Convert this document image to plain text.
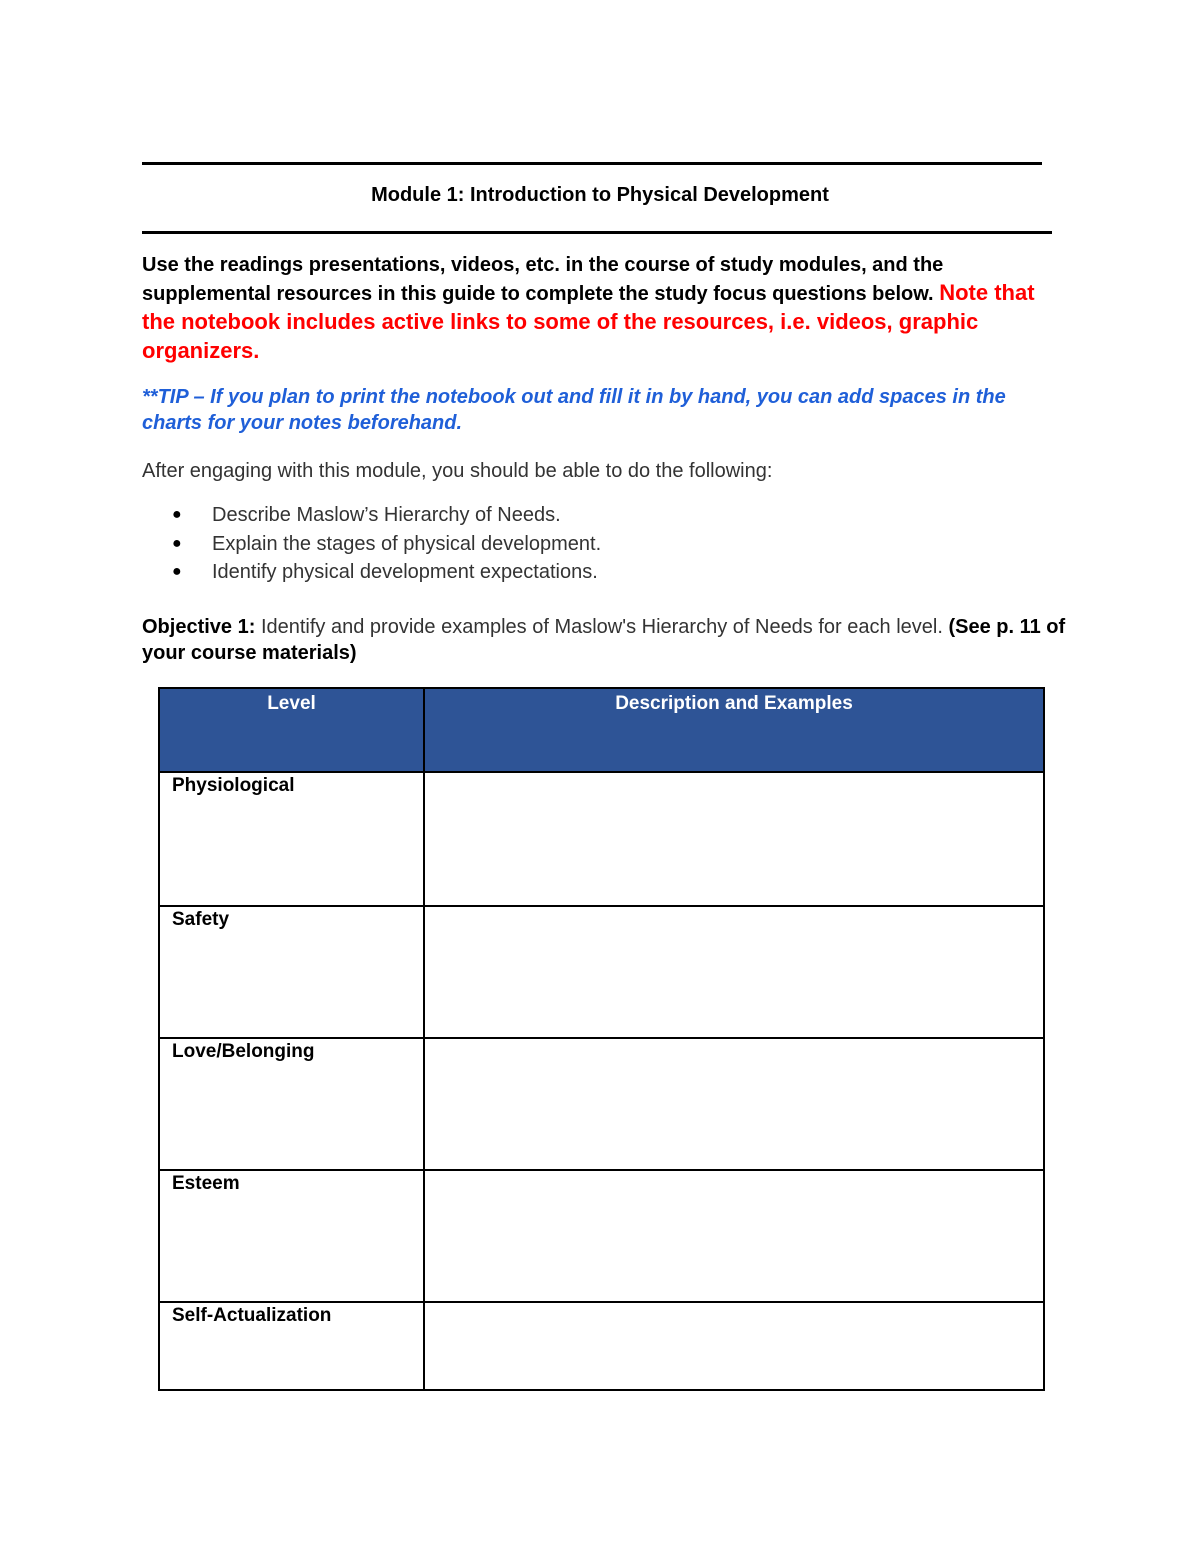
Module 1: Introduction to Physical Development
Use the readings presentations, videos, etc. in the course of study modules, and the supplemental resources in this guide to complete the study focus questions below. Note that the notebook includes active links to some of the resources, i.e. videos, graphic organizers.
**TIP – If you plan to print the notebook out and fill it in by hand, you can add spaces in the charts for your notes beforehand.
After engaging with this module, you should be able to do the following:
● Describe Maslow’s Hierarchy of Needs.
● Explain the stages of physical development.
● Identify physical development expectations.
Objective 1: Identify and provide examples of Maslow's Hierarchy of Needs for each level. (See p. 11 of your course materials)
Level	Description and Examples
Physiological	
Safety	
Love/Belonging	
Esteem	
Self-Actualization	
